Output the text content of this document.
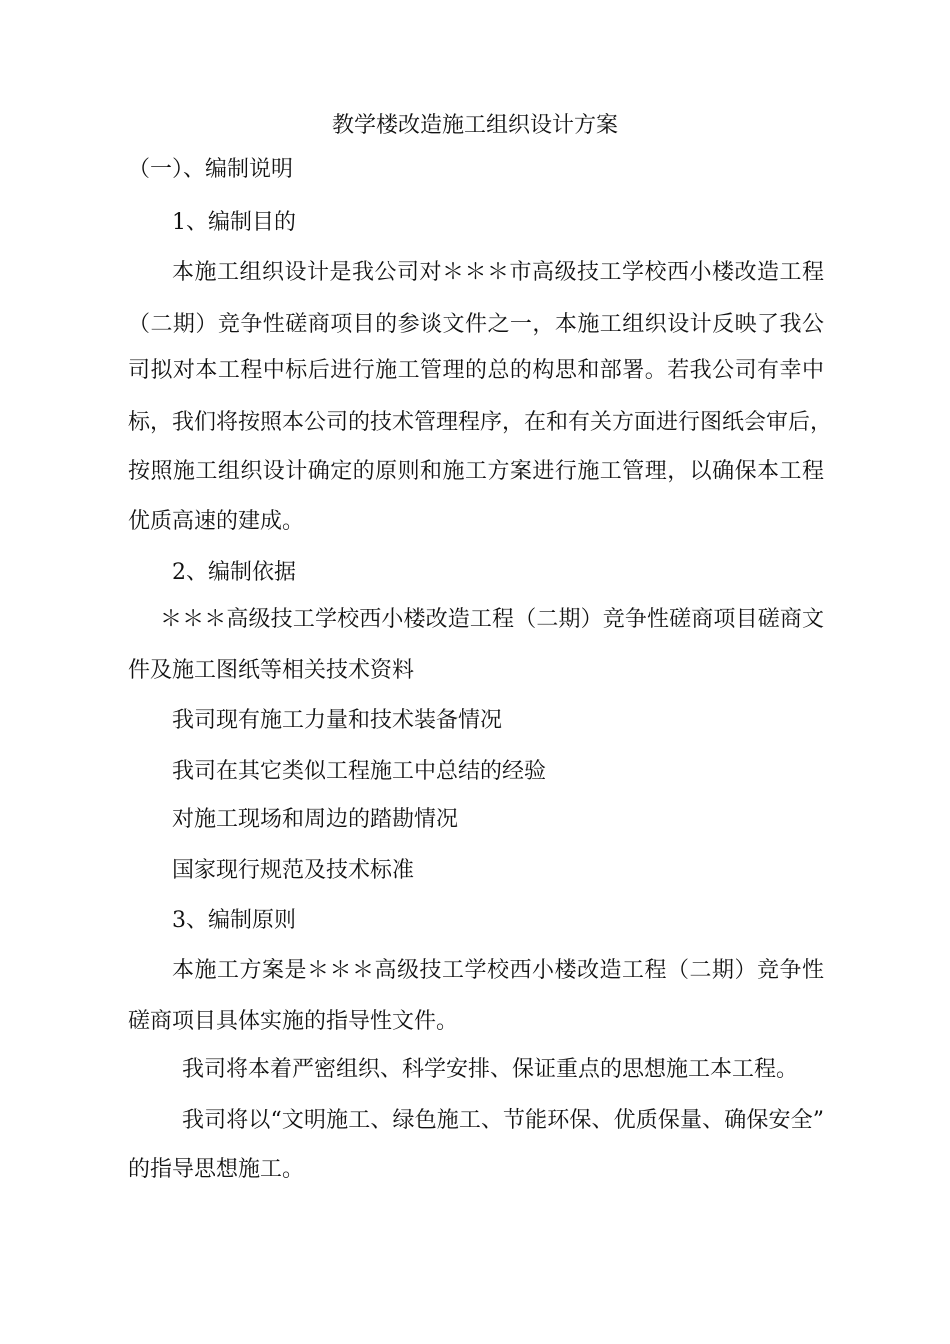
教学楼改造施工组织设计方案
（一）、编制说明
1、编制目的
本施工组织设计是我公司对＊＊＊市高级技工学校西小楼改造工程
（二期）竞争性磋商项目的参谈文件之一，本施工组织设计反映了我公
司拟对本工程中标后进行施工管理的总的构思和部署。若我公司有幸中
标，我们将按照本公司的技术管理程序，在和有关方面进行图纸会审后，
按照施工组织设计确定的原则和施工方案进行施工管理，以确保本工程
优质高速的建成。
2、编制依据
＊＊＊高级技工学校西小楼改造工程（二期）竞争性磋商项目磋商文
件及施工图纸等相关技术资料
我司现有施工力量和技术装备情况
我司在其它类似工程施工中总结的经验
对施工现场和周边的踏勘情况
国家现行规范及技术标准
3、编制原则
本施工方案是＊＊＊高级技工学校西小楼改造工程（二期）竞争性
磋商项目具体实施的指导性文件。
我司将本着严密组织、科学安排、保证重点的思想施工本工程。
我司将以“文明施工、绿色施工、节能环保、优质保量、确保安全”
的指导思想施工。
